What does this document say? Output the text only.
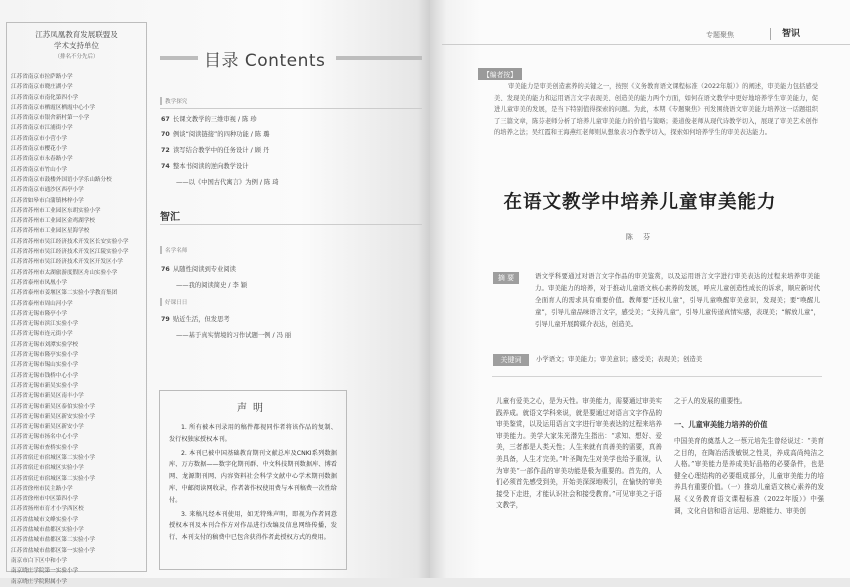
江苏凤凰教育发展联盟及
学术支持单位
（排名不分先后）
江苏省南京市拉萨路小学
江苏省南京市晓庄湖小学
江苏省南京市南化第四小学
江苏省南京市栖霞区栖霞中心小学
江苏省南京市银舍新村第一小学
江苏省南京市江浦街小学
江苏省南京市小营小学
江苏省南京市樱花小学
江苏省南京市永春路小学
江苏省南京市竹山小学
江苏省南京市鼓楼外国语小学乐山路分校
江苏省南京市通沙区西亭小学
江苏省如皋市白蒲镇林梓小学
江苏省苏州市工业园区东胡实验小学
江苏省苏州市工业园区金鸡湖学校
江苏省苏州市工业园区星海学校
江苏省苏州市吴江经济技术开发区长安实验小学
江苏省苏州市吴江经济技术开发区江陵实验小学
江苏省苏州市吴江经济技术开发区开发区小学
江苏省苏州市太湖旅游度假区舟山实验小学
江苏省泰州市凤凰小学
江苏省泰州市姜堰区第二实验小学教育集团
江苏省泰州市周山河小学
江苏省无锡市隆亭小学
江苏省无锡市滨江实验小学
江苏省无锡市连元街小学
江苏省无锡市刘潭实验学校
江苏省无锡市隆亭实验小学
江苏省无锡市锡山实验小学
江苏省无锡市钱桥中心小学
江苏省无锡市新吴实验小学
江苏省无锡市新吴区南丰小学
江苏省无锡市新吴区泰伯实验小学
江苏省无锡市新吴区新安实验小学
江苏省无锡市新吴区新安小学
江苏省无锡市扬名中心小学
江苏省无锡市查桥实验小学
江苏省宿迁市宿城区第二实验小学
江苏省宿迁市宿城区实验小学
江苏省宿迁市宿城区第二实验小学
江苏省徐州市民主路小学
江苏省徐州市中区第四小学
江苏省扬州市育才小学西区校
江苏省盐城市文峰实验小学
江苏省盐城市盐都区实验小学
江苏省盐城市盐都区第二实验小学
江苏省盐城市盐都区第一实验小学
南京市白下区中和小学
南京晓庄学院第一实验小学
南京晓庄学院附属小学
目录 Contents
教学探究
67 长课文教学的三维审视 / 陈 珍
70 例谈“阅读链接”的四种功能 / 陈 璐
72 读写结合教学中的任务设计 / 顾 丹
74 整本书阅读的逆向教学设计
——以《中国古代寓言》为例 / 陈 琦
智汇
名学名师
76 从随性阅读到专业阅读
——我的阅读简史 / 李 颖
好课日日
79 贴近生活，但发思考
——基于真实情境的习作试题一例 / 冯 丽
声明

1. 所有被本刊录用的稿件都视同作者将该作品的复制、发行权独家授权本刊。

2. 本刊已被中国基础教育期刊文献总库及CNKI系列数据库、万方数据——数字化期刊群、中文科技期刊数据库、博看网、龙源期刊网、内容资料社会科学文献中心学术期刊数据库、中邮阅读网收录，作者著作权使用费与本刊稿费一次性给付。

3. 来稿凡经本刊使用，如无特殊声明，即视为作者同意授权本刊及本刊合作方对作品进行改编及信息网络传播，发行、本刊支付的稿费中已包含获得作者此授权方式的费用。

专题聚焦	智识
【编者按】

审美能力是审美创造素养的关键之一，按照《义务教育语文课程标准（2022年版）》的阐述，审美能力包括感受美、发现美的能力和运用语言文字表现美、创造美的能力两个方面，如何在语文教学中更好地培养学生审美能力，促进儿童审美的发展，是当下特别值得探索的问题。为此，本期《专题聚焦》刊发围绕语文审美能力培养这一话题组织了三篇文章，陈芬老师分析了培养儿童审美能力的价值与策略；姜道俊老师从现代诗教学切入，展现了审美艺术创作的培养之法；吴红霞和王海燕红老师则从想象表习作教学切入，探索如何培养学生的审美表达能力。

在语文教学中培养儿童审美能力
陈 芬
摘 要	语文学科要通过对语言文字作品的审美鉴赏，以及运用语言文字进行审美表达的过程来培养审美能力。审美能力的培养，对于推动儿童语文核心素养的发展，呼应儿童创造性成长的诉求，顺应新时代全面育人的需求具有重要价值。教师要“还权儿童”，引导儿童唤醒审美意识，发现美；要“唤醒儿童”，引导儿童品味语言文字，感受美；“支持儿童”，引导儿童传递真情实感，表现美；“解放儿童”，引导儿童开展跨媒介表达，创造美。

关键词	小学语文；审美能力；审美意识；感受美；表现美；创造美

儿童有爱美之心，是为天性。审美能力，需要通过审美实践养成。就语文学科来说，就是要通过对语言文字作品的审美鉴赏，以及运用语言文字进行审美表达的过程来培养审美能力。美学大家朱光潜先生指出：“求知、想好、爱美，三者都是人类天性；人生来就有真善美的需要，真善美具备，人生才完美。”叶圣陶先生对美学也给予重视，认为审美“一部作品的审美功能是极为重要的。首先的，人们必须首先感受到美，开始美深深地吸引，在愉快的审美接受下走进，才能认识社会和接受教育。”可见审美之于语文教学，

之于人的发展的重要性。
一、儿童审美能力培养的价值

中国美育的奠基人之一蔡元培先生曾经说过：“美育之目的，在陶冶活泼敏锐之性灵，养成高尚纯洁之人格。”审美能力是养成美好品格的必要条件，也是健全心理结构的必要组成部分，儿童审美能力的培养具有重要价值。（一）推动儿童语文核心素养的发展《义务教育语文课程标准（2022年版）》中强调，文化自信和语言运用、思维能力、审美创
